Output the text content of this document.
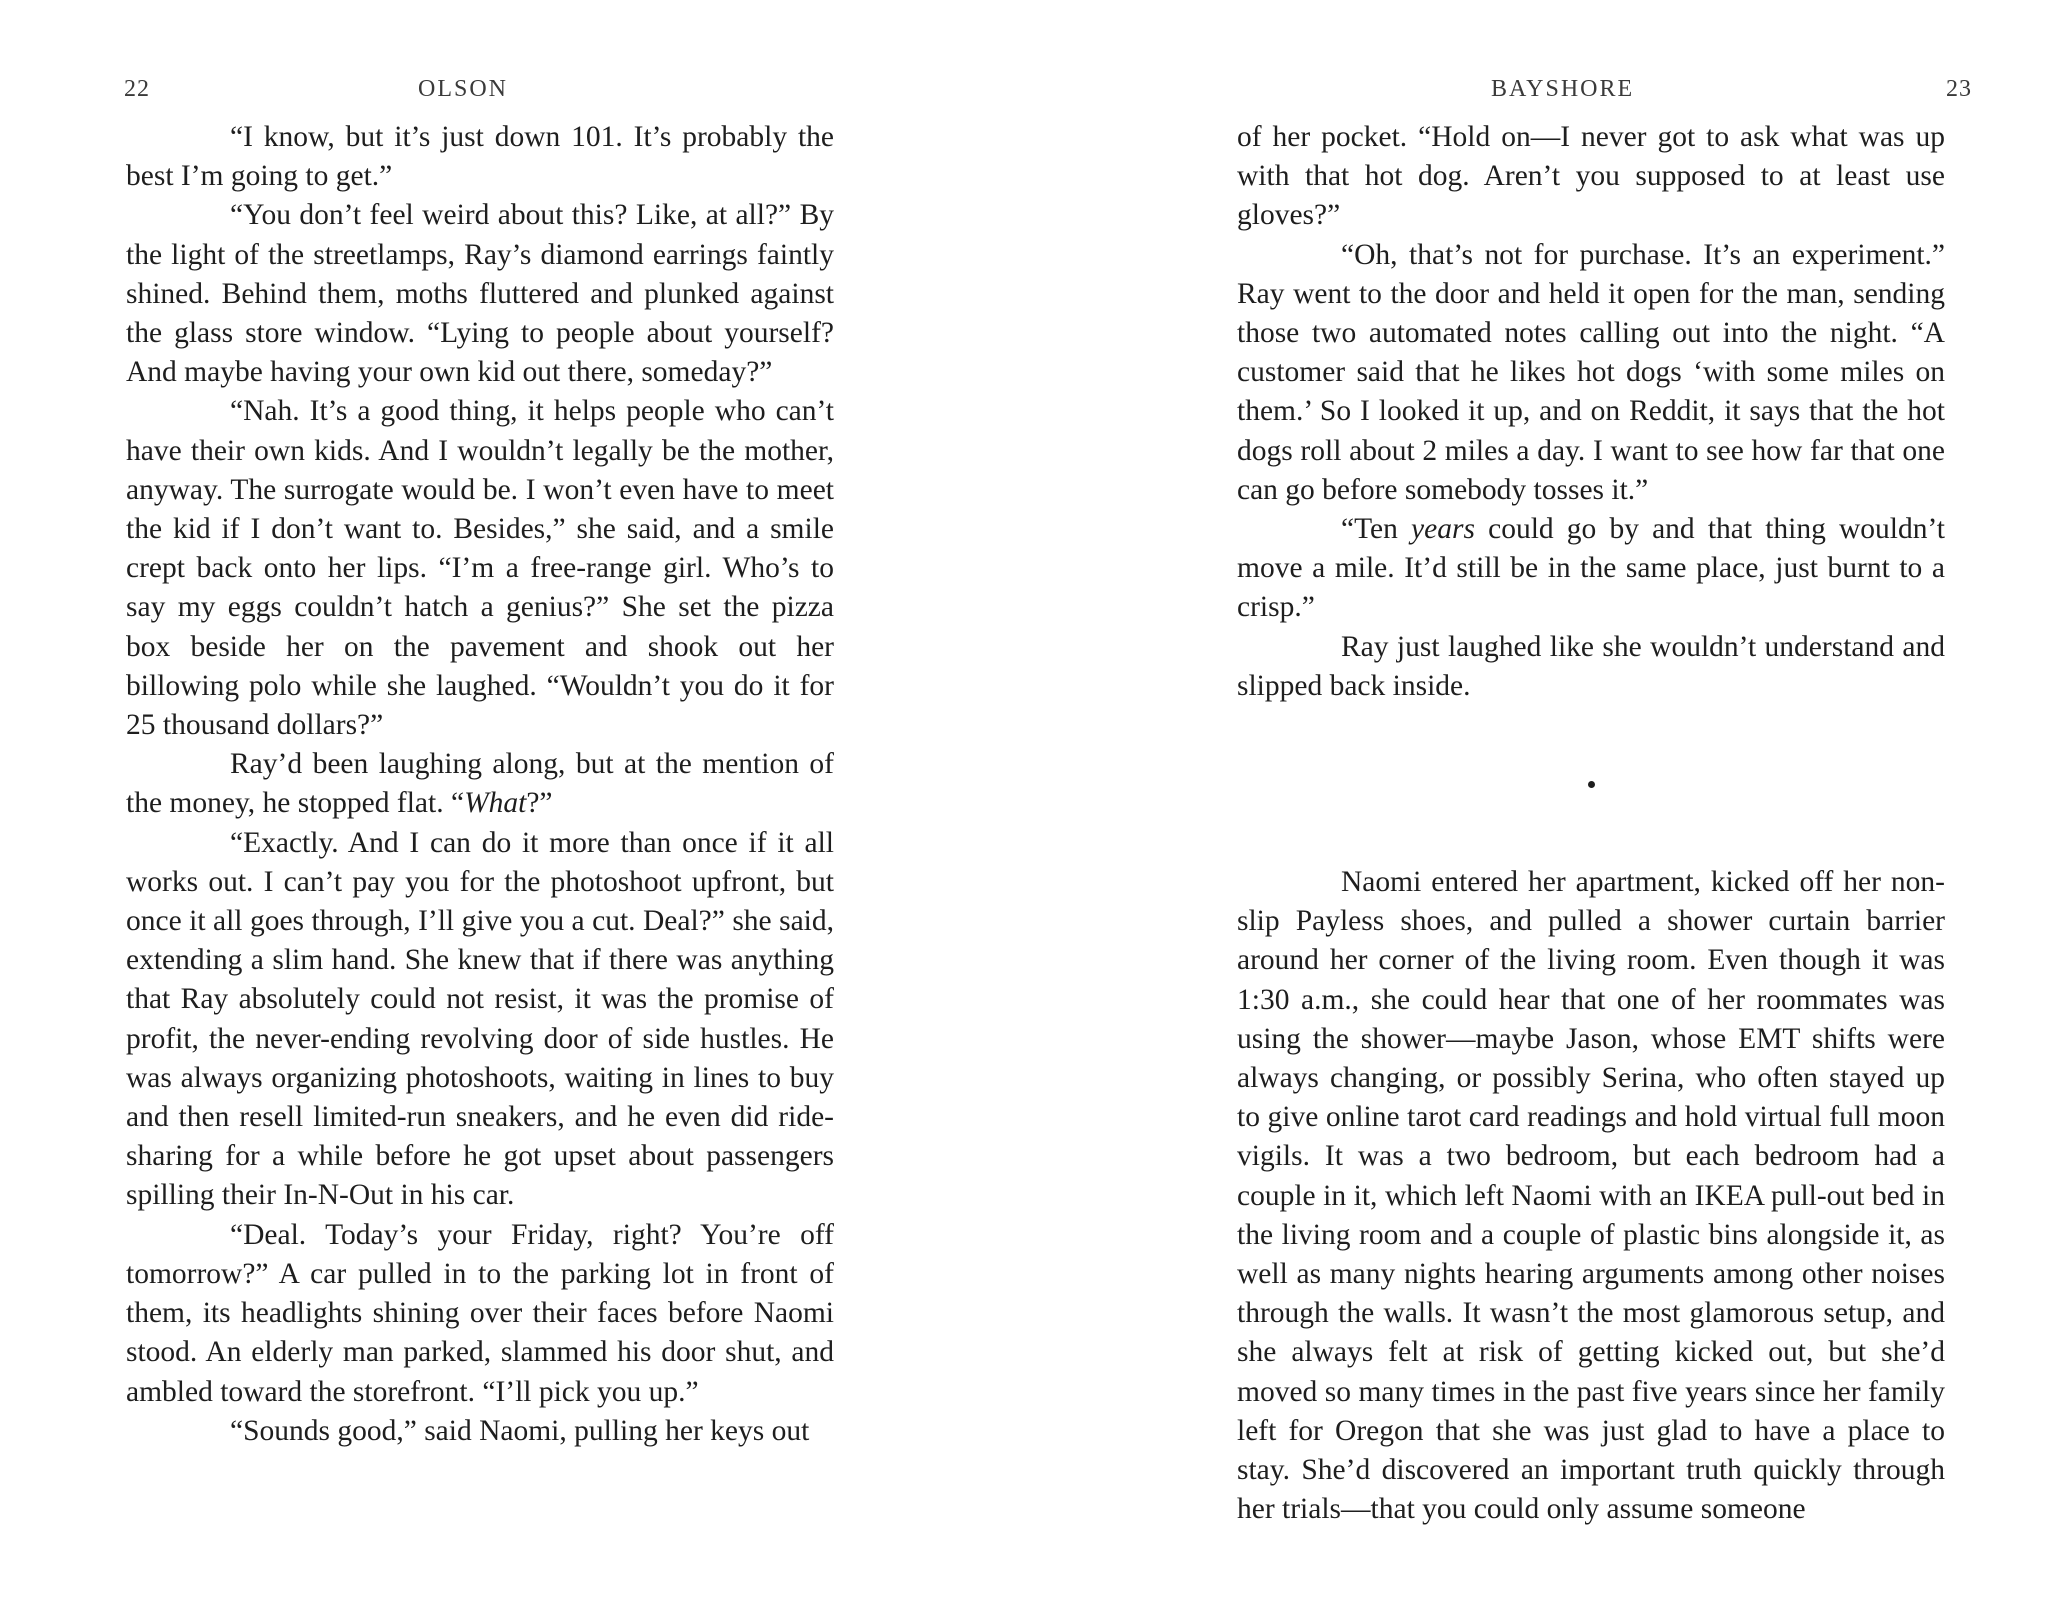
22	OLSON

“I know, but it’s just down 101. It’s probably the best I’m going to get.”

“You don’t feel weird about this? Like, at all?” By the light of the streetlamps, Ray’s diamond earrings faintly shined. Behind them, moths fluttered and plunked against the glass store window. “Lying to people about yourself? And maybe having your own kid out there, someday?”

“Nah. It’s a good thing, it helps people who can’t have their own kids. And I wouldn’t legally be the mother, anyway. The surrogate would be. I won’t even have to meet the kid if I don’t want to. Besides,” she said, and a smile crept back onto her lips. “I’m a free-range girl. Who’s to say my eggs couldn’t hatch a genius?” She set the pizza box beside her on the pavement and shook out her billowing polo while she laughed. “Wouldn’t you do it for 25 thousand dollars?”

Ray’d been laughing along, but at the mention of the money, he stopped flat. “What?”

“Exactly. And I can do it more than once if it all works out. I can’t pay you for the photoshoot upfront, but once it all goes through, I’ll give you a cut. Deal?” she said, extending a slim hand. She knew that if there was anything that Ray absolutely could not resist, it was the promise of profit, the never-ending revolving door of side hustles. He was always organizing photoshoots, waiting in lines to buy and then resell limited-run sneakers, and he even did ride-sharing for a while before he got upset about passengers spilling their In-N-Out in his car.

“Deal. Today’s your Friday, right? You’re off tomorrow?” A car pulled in to the parking lot in front of them, its headlights shining over their faces before Naomi stood. An elderly man parked, slammed his door shut, and ambled toward the storefront. “I’ll pick you up.”

“Sounds good,” said Naomi, pulling her keys out

BAYSHORE	23

of her pocket. “Hold on—I never got to ask what was up with that hot dog. Aren’t you supposed to at least use gloves?”

“Oh, that’s not for purchase. It’s an experiment.” Ray went to the door and held it open for the man, sending those two automated notes calling out into the night. “A customer said that he likes hot dogs ‘with some miles on them.’ So I looked it up, and on Reddit, it says that the hot dogs roll about 2 miles a day. I want to see how far that one can go before somebody tosses it.”

“Ten years could go by and that thing wouldn’t move a mile. It’d still be in the same place, just burnt to a crisp.”

Ray just laughed like she wouldn’t understand and slipped back inside.

Naomi entered her apartment, kicked off her non-slip Payless shoes, and pulled a shower curtain barrier around her corner of the living room. Even though it was 1:30 a.m., she could hear that one of her roommates was using the shower—maybe Jason, whose EMT shifts were always changing, or possibly Serina, who often stayed up to give online tarot card readings and hold virtual full moon vigils. It was a two bedroom, but each bedroom had a couple in it, which left Naomi with an IKEA pull-out bed in the living room and a couple of plastic bins alongside it, as well as many nights hearing arguments among other noises through the walls. It wasn’t the most glamorous setup, and she always felt at risk of getting kicked out, but she’d moved so many times in the past five years since her family left for Oregon that she was just glad to have a place to stay. She’d discovered an important truth quickly through her trials—that you could only assume someone
